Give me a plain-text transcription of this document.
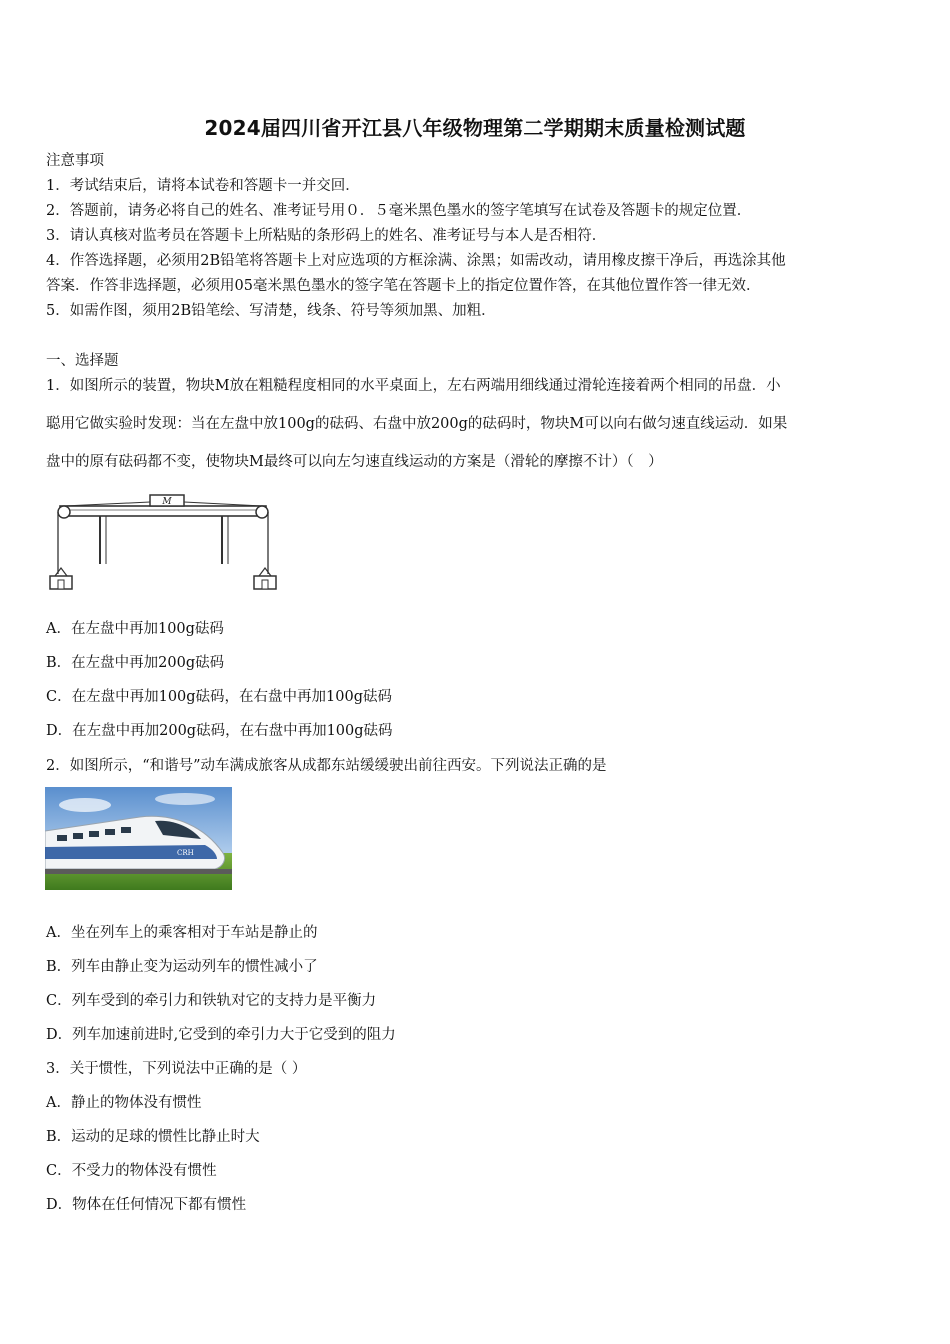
2024届四川省开江县八年级物理第二学期期末质量检测试题
注意事项
1．考试结束后，请将本试卷和答题卡一并交回．
2．答题前，请务必将自己的姓名、准考证号用０．５毫米黑色墨水的签字笔填写在试卷及答题卡的规定位置．
3．请认真核对监考员在答题卡上所粘贴的条形码上的姓名、准考证号与本人是否相符．
4．作答选择题，必须用2B铅笔将答题卡上对应选项的方框涂满、涂黑；如需改动，请用橡皮擦干净后，再选涂其他
答案．作答非选择题，必须用05毫米黑色墨水的签字笔在答题卡上的指定位置作答，在其他位置作答一律无效．
5．如需作图，须用2B铅笔绘、写清楚，线条、符号等须加黑、加粗．
一、选择题
1．如图所示的装置，物块M放在粗糙程度相同的水平桌面上，左右两端用细线通过滑轮连接着两个相同的吊盘．小
聪用它做实验时发现：当在左盘中放100g的砝码、右盘中放200g的砝码时，物块M可以向右做匀速直线运动．如果
盘中的原有砝码都不变，使物块M最终可以向左匀速直线运动的方案是（滑轮的摩擦不计）（　）
M
A．在左盘中再加100g砝码
B．在左盘中再加200g砝码
C．在左盘中再加100g砝码，在右盘中再加100g砝码
D．在左盘中再加200g砝码，在右盘中再加100g砝码
2．如图所示，“和谐号”动车满成旅客从成都东站缓缓驶出前往西安。下列说法正确的是
CRH
A．坐在列车上的乘客相对于车站是静止的
B．列车由静止变为运动列车的惯性减小了
C．列车受到的牵引力和铁轨对它的支持力是平衡力
D．列车加速前进时,它受到的牵引力大于它受到的阻力
3．关于惯性，下列说法中正确的是（ ）
A．静止的物体没有惯性
B．运动的足球的惯性比静止时大
C．不受力的物体没有惯性
D．物体在任何情况下都有惯性
